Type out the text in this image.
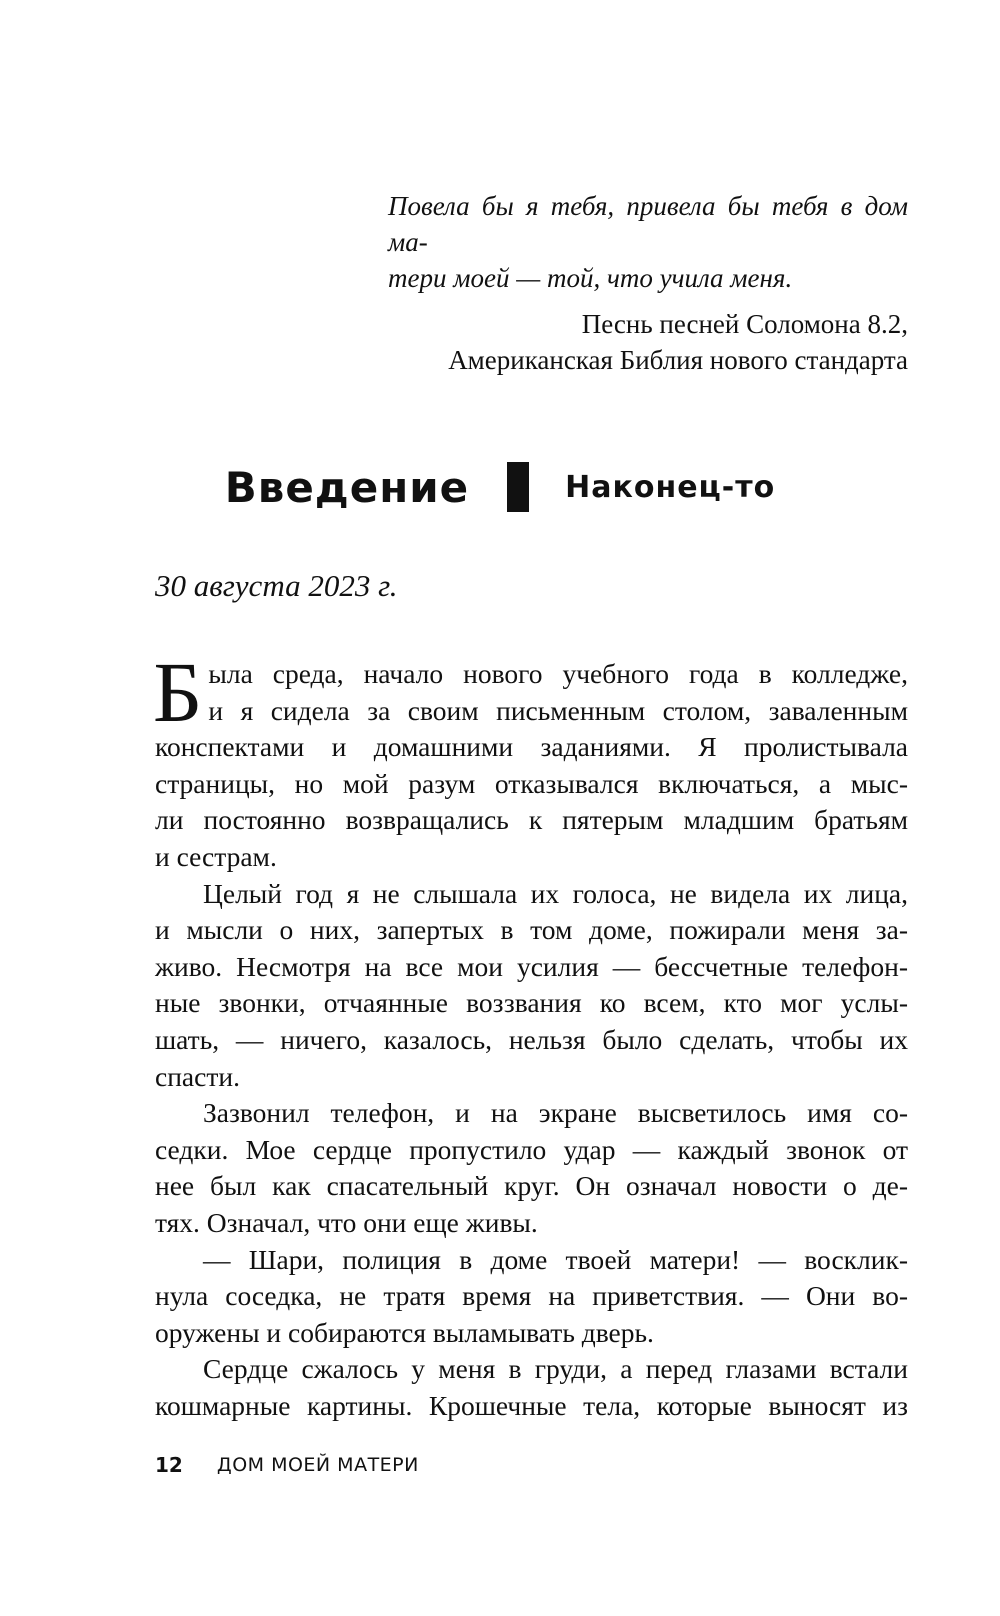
Повела бы я тебя, привела бы тебя в дом ма-
тери моей — той, что учила меня.

Песнь песней Соломона 8.2,
Американская Библия нового стандарта
Введение	Наконец-то
30 августа 2023 г.
Б ыла среда, начало нового учебного года в колледже,
и я сидела за своим письменным столом, заваленным
конспектами и домашними заданиями. Я пролистывала
страницы, но мой разум отказывался включаться, а мыс-
ли постоянно возвращались к пятерым младшим братьям
и сестрам.
Целый год я не слышала их голоса, не видела их лица,
и мысли о них, запертых в том доме, пожирали меня за-
живо. Несмотря на все мои усилия — бессчетные телефон-
ные звонки, отчаянные воззвания ко всем, кто мог услы-
шать, — ничего, казалось, нельзя было сделать, чтобы их
спасти.
Зазвонил телефон, и на экране высветилось имя со-
седки. Мое сердце пропустило удар — каждый звонок от
нее был как спасательный круг. Он означал новости о де-
тях. Означал, что они еще живы.
— Шари, полиция в доме твоей матери! — восклик-
нула соседка, не тратя время на приветствия. — Они во-
оружены и собираются выламывать дверь.
Сердце сжалось у меня в груди, а перед глазами встали
кошмарные картины. Крошечные тела, которые выносят из
12 ДОМ МОЕЙ МАТЕРИ
